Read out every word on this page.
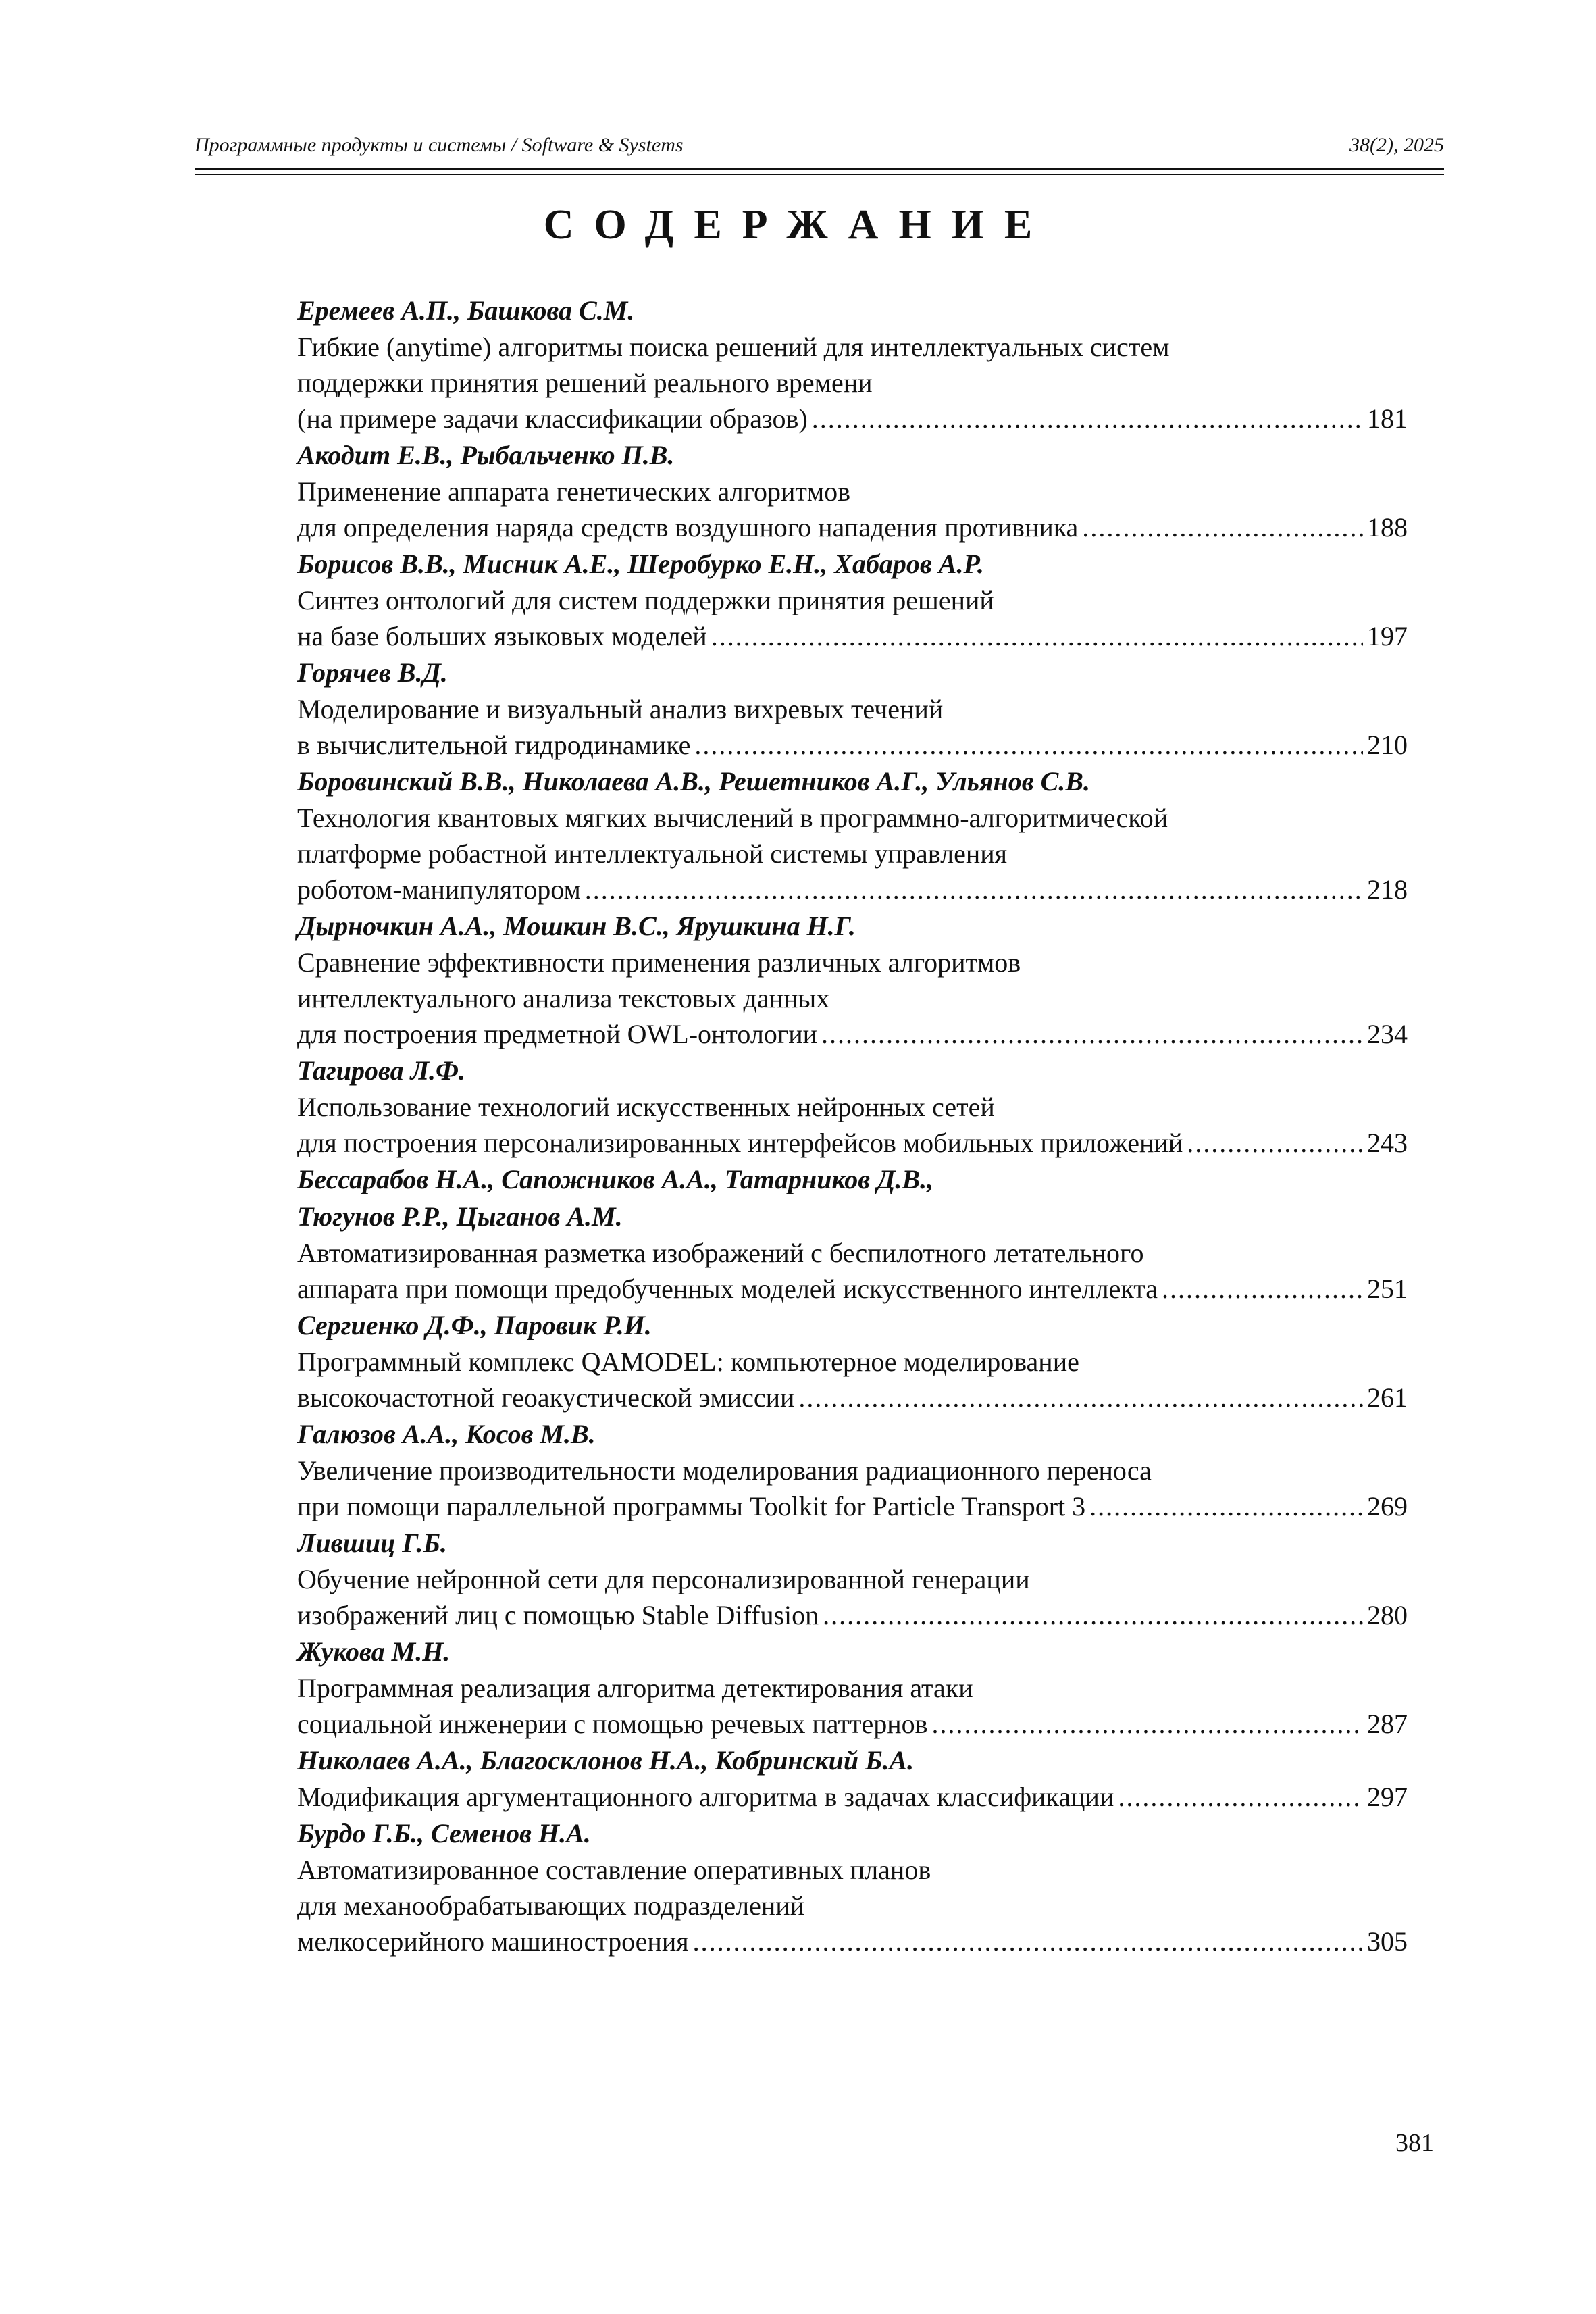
Программные продукты и системы / Software & Systems	38(2), 2025
СОДЕРЖАНИЕ
Еремеев А.П., Башкова С.М.
Гибкие (anytime) алгоритмы поиска решений для интеллектуальных систем
поддержки принятия решений реального времени
(на примере задачи классификации образов) .....	181
Акодит Е.В., Рыбальченко П.В.
Применение аппарата генетических алгоритмов
для определения наряда средств воздушного нападения противника .....	188
Борисов В.В., Мисник А.Е., Шеробурко Е.Н., Хабаров А.Р.
Синтез онтологий для систем поддержки принятия решений
на базе больших языковых моделей .....	197
Горячев В.Д.
Моделирование и визуальный анализ вихревых течений
в вычислительной гидродинамике .....	210
Боровинский В.В., Николаева А.В., Решетников А.Г., Ульянов С.В.
Технология квантовых мягких вычислений в программно-алгоритмической
платформе робастной интеллектуальной системы управления
роботом-манипулятором .....	218
Дырночкин А.А., Мошкин В.С., Ярушкина Н.Г.
Сравнение эффективности применения различных алгоритмов
интеллектуального анализа текстовых данных
для построения предметной OWL-онтологии .....	234
Тагирова Л.Ф.
Использование технологий искусственных нейронных сетей
для построения персонализированных интерфейсов мобильных приложений .....	243
Бессарабов Н.А., Сапожников А.А., Татарников Д.В.,
Тюгунов Р.Р., Цыганов А.М.
Автоматизированная разметка изображений с беспилотного летательного
аппарата при помощи предобученных моделей искусственного интеллекта .....	251
Сергиенко Д.Ф., Паровик Р.И.
Программный комплекс QAMODEL: компьютерное моделирование
высокочастотной геоакустической эмиссии .....	261
Галюзов А.А., Косов М.В.
Увеличение производительности моделирования радиационного переноса
при помощи параллельной программы Toolkit for Particle Transport 3 .....	269
Лившиц Г.Б.
Обучение нейронной сети для персонализированной генерации
изображений лиц с помощью Stable Diffusion .....	280
Жукова М.Н.
Программная реализация алгоритма детектирования атаки
социальной инженерии с помощью речевых паттернов .....	287
Николаев А.А., Благосклонов Н.А., Кобринский Б.А.
Модификация аргументационного алгоритма в задачах классификации .....	297
Бурдо Г.Б., Семенов Н.А.
Автоматизированное составление оперативных планов
для механообрабатывающих подразделений
мелкосерийного машиностроения .....	305
381
